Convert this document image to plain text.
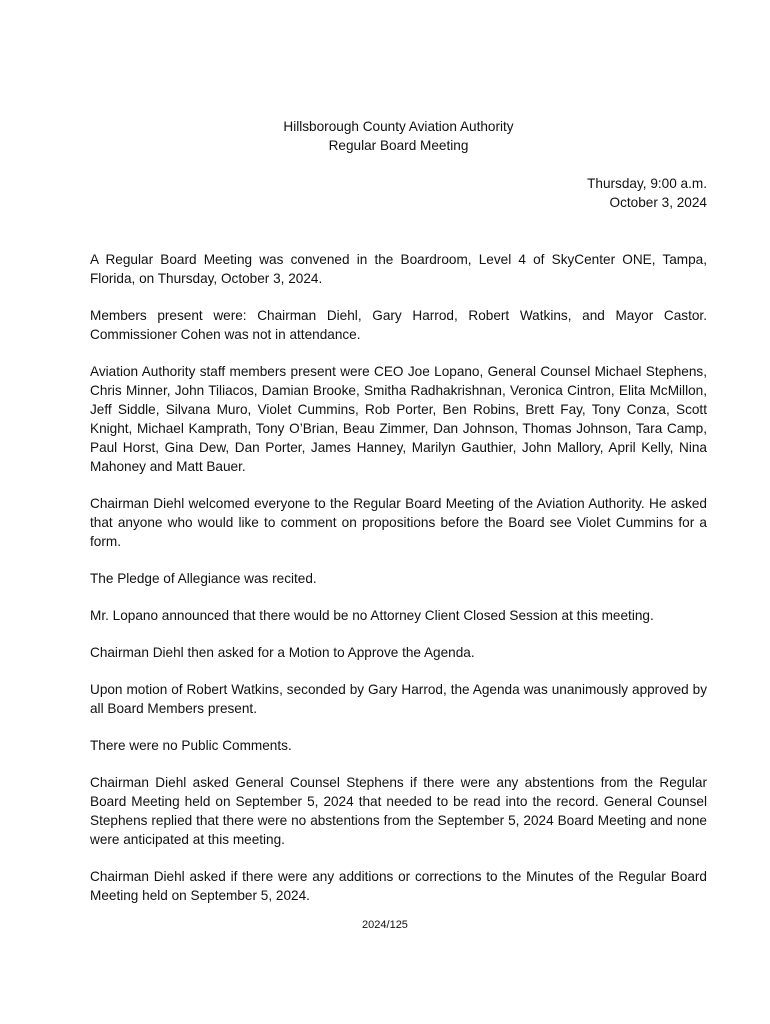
Hillsborough County Aviation Authority
Regular Board Meeting
Thursday, 9:00 a.m.
October 3, 2024

A Regular Board Meeting was convened in the Boardroom, Level 4 of SkyCenter ONE, Tampa, Florida, on Thursday, October 3, 2024.

Members present were: Chairman Diehl, Gary Harrod, Robert Watkins, and Mayor Castor. Commissioner Cohen was not in attendance.

Aviation Authority staff members present were CEO Joe Lopano, General Counsel Michael Stephens, Chris Minner, John Tiliacos, Damian Brooke, Smitha Radhakrishnan, Veronica Cintron, Elita McMillon, Jeff Siddle, Silvana Muro, Violet Cummins, Rob Porter, Ben Robins, Brett Fay, Tony Conza, Scott Knight, Michael Kamprath, Tony O’Brian, Beau Zimmer, Dan Johnson, Thomas Johnson, Tara Camp, Paul Horst, Gina Dew, Dan Porter, James Hanney, Marilyn Gauthier, John Mallory, April Kelly, Nina Mahoney and Matt Bauer.

Chairman Diehl welcomed everyone to the Regular Board Meeting of the Aviation Authority. He asked that anyone who would like to comment on propositions before the Board see Violet Cummins for a form.

The Pledge of Allegiance was recited.

Mr. Lopano announced that there would be no Attorney Client Closed Session at this meeting.

Chairman Diehl then asked for a Motion to Approve the Agenda.

Upon motion of Robert Watkins, seconded by Gary Harrod, the Agenda was unanimously approved by all Board Members present.

There were no Public Comments.

Chairman Diehl asked General Counsel Stephens if there were any abstentions from the Regular Board Meeting held on September 5, 2024 that needed to be read into the record. General Counsel Stephens replied that there were no abstentions from the September 5, 2024 Board Meeting and none were anticipated at this meeting.

Chairman Diehl asked if there were any additions or corrections to the Minutes of the Regular Board Meeting held on September 5, 2024.

2024/125
